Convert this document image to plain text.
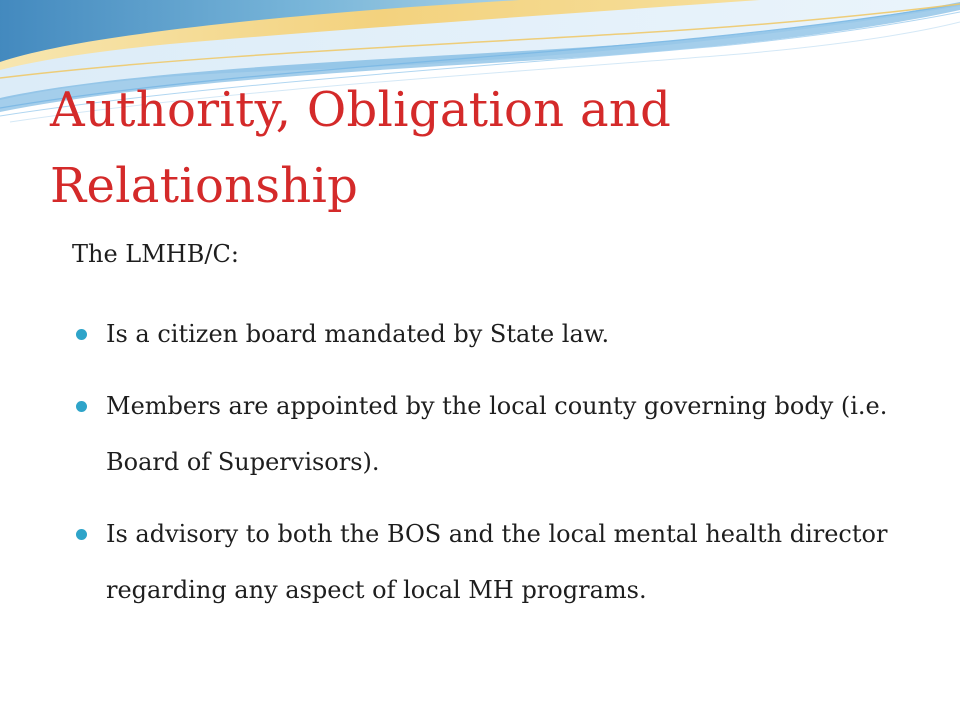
Authority, Obligation and Relationship

The LMHB/C:

Is a citizen board mandated by State law.
Members are appointed by the local county governing body (i.e. Board of Supervisors).
Is advisory to both the BOS and the local mental health director regarding any aspect of local MH programs.
